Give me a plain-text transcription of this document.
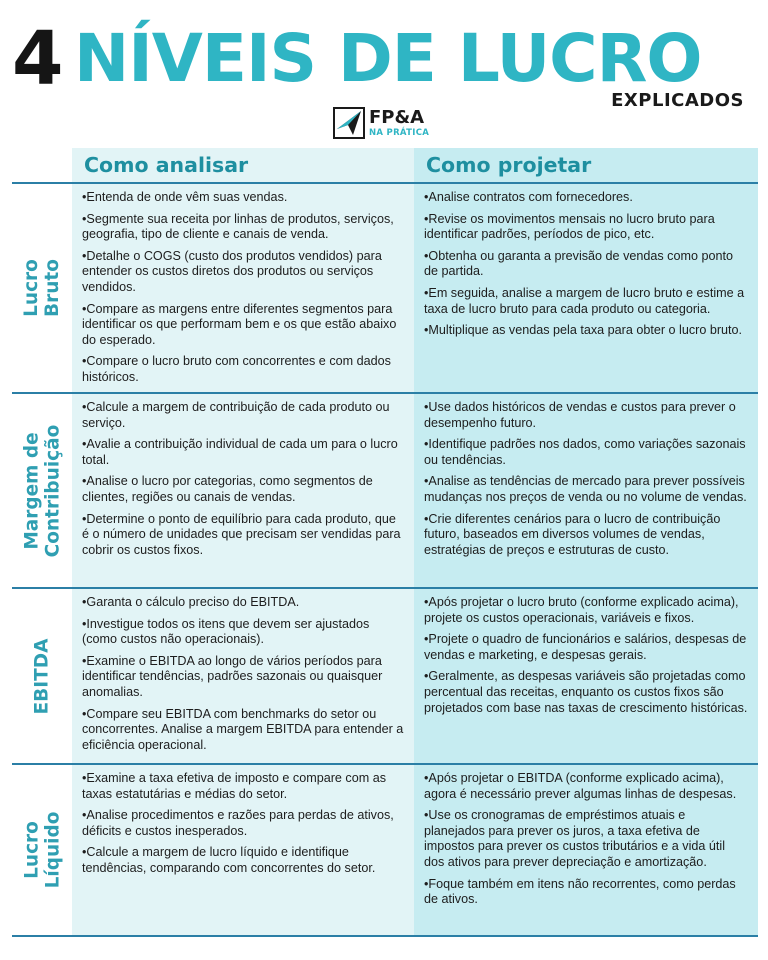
4 NÍVEIS DE LUCRO
EXPLICADOS
FP&A
NA PRÁTICA
Como analisar	Como projetar
Lucro Bruto
• Entenda de onde vêm suas vendas.
• Segmente sua receita por linhas de produtos, serviços, geografia, tipo de cliente e canais de venda.
• Detalhe o COGS (custo dos produtos vendidos) para entender os custos diretos dos produtos ou serviços vendidos.
• Compare as margens entre diferentes segmentos para identificar os que performam bem e os que estão abaixo do esperado.
• Compare o lucro bruto com concorrentes e com dados históricos.
• Analise contratos com fornecedores.
• Revise os movimentos mensais no lucro bruto para identificar padrões, períodos de pico, etc.
• Obtenha ou garanta a previsão de vendas como ponto de partida.
• Em seguida, analise a margem de lucro bruto e estime a taxa de lucro bruto para cada produto ou categoria.
• Multiplique as vendas pela taxa para obter o lucro bruto.
Margem de Contribuição
• Calcule a margem de contribuição de cada produto ou serviço.
• Avalie a contribuição individual de cada um para o lucro total.
• Analise o lucro por categorias, como segmentos de clientes, regiões ou canais de vendas.
• Determine o ponto de equilíbrio para cada produto, que é o número de unidades que precisam ser vendidas para cobrir os custos fixos.
• Use dados históricos de vendas e custos para prever o desempenho futuro.
• Identifique padrões nos dados, como variações sazonais ou tendências.
• Analise as tendências de mercado para prever possíveis mudanças nos preços de venda ou no volume de vendas.
• Crie diferentes cenários para o lucro de contribuição futuro, baseados em diversos volumes de vendas, estratégias de preços e estruturas de custo.
EBITDA
• Garanta o cálculo preciso do EBITDA.
• Investigue todos os itens que devem ser ajustados (como custos não operacionais).
• Examine o EBITDA ao longo de vários períodos para identificar tendências, padrões sazonais ou quaisquer anomalias.
• Compare seu EBITDA com benchmarks do setor ou concorrentes. Analise a margem EBITDA para entender a eficiência operacional.
• Após projetar o lucro bruto (conforme explicado acima), projete os custos operacionais, variáveis e fixos.
• Projete o quadro de funcionários e salários, despesas de vendas e marketing, e despesas gerais.
• Geralmente, as despesas variáveis são projetadas como percentual das receitas, enquanto os custos fixos são projetados com base nas taxas de crescimento históricas.
Lucro Líquido
• Examine a taxa efetiva de imposto e compare com as taxas estatutárias e médias do setor.
• Analise procedimentos e razões para perdas de ativos, déficits e custos inesperados.
• Calcule a margem de lucro líquido e identifique tendências, comparando com concorrentes do setor.
• Após projetar o EBITDA (conforme explicado acima), agora é necessário prever algumas linhas de despesas.
• Use os cronogramas de empréstimos atuais e planejados para prever os juros, a taxa efetiva de impostos para prever os custos tributários e a vida útil dos ativos para prever depreciação e amortização.
• Foque também em itens não recorrentes, como perdas de ativos.
